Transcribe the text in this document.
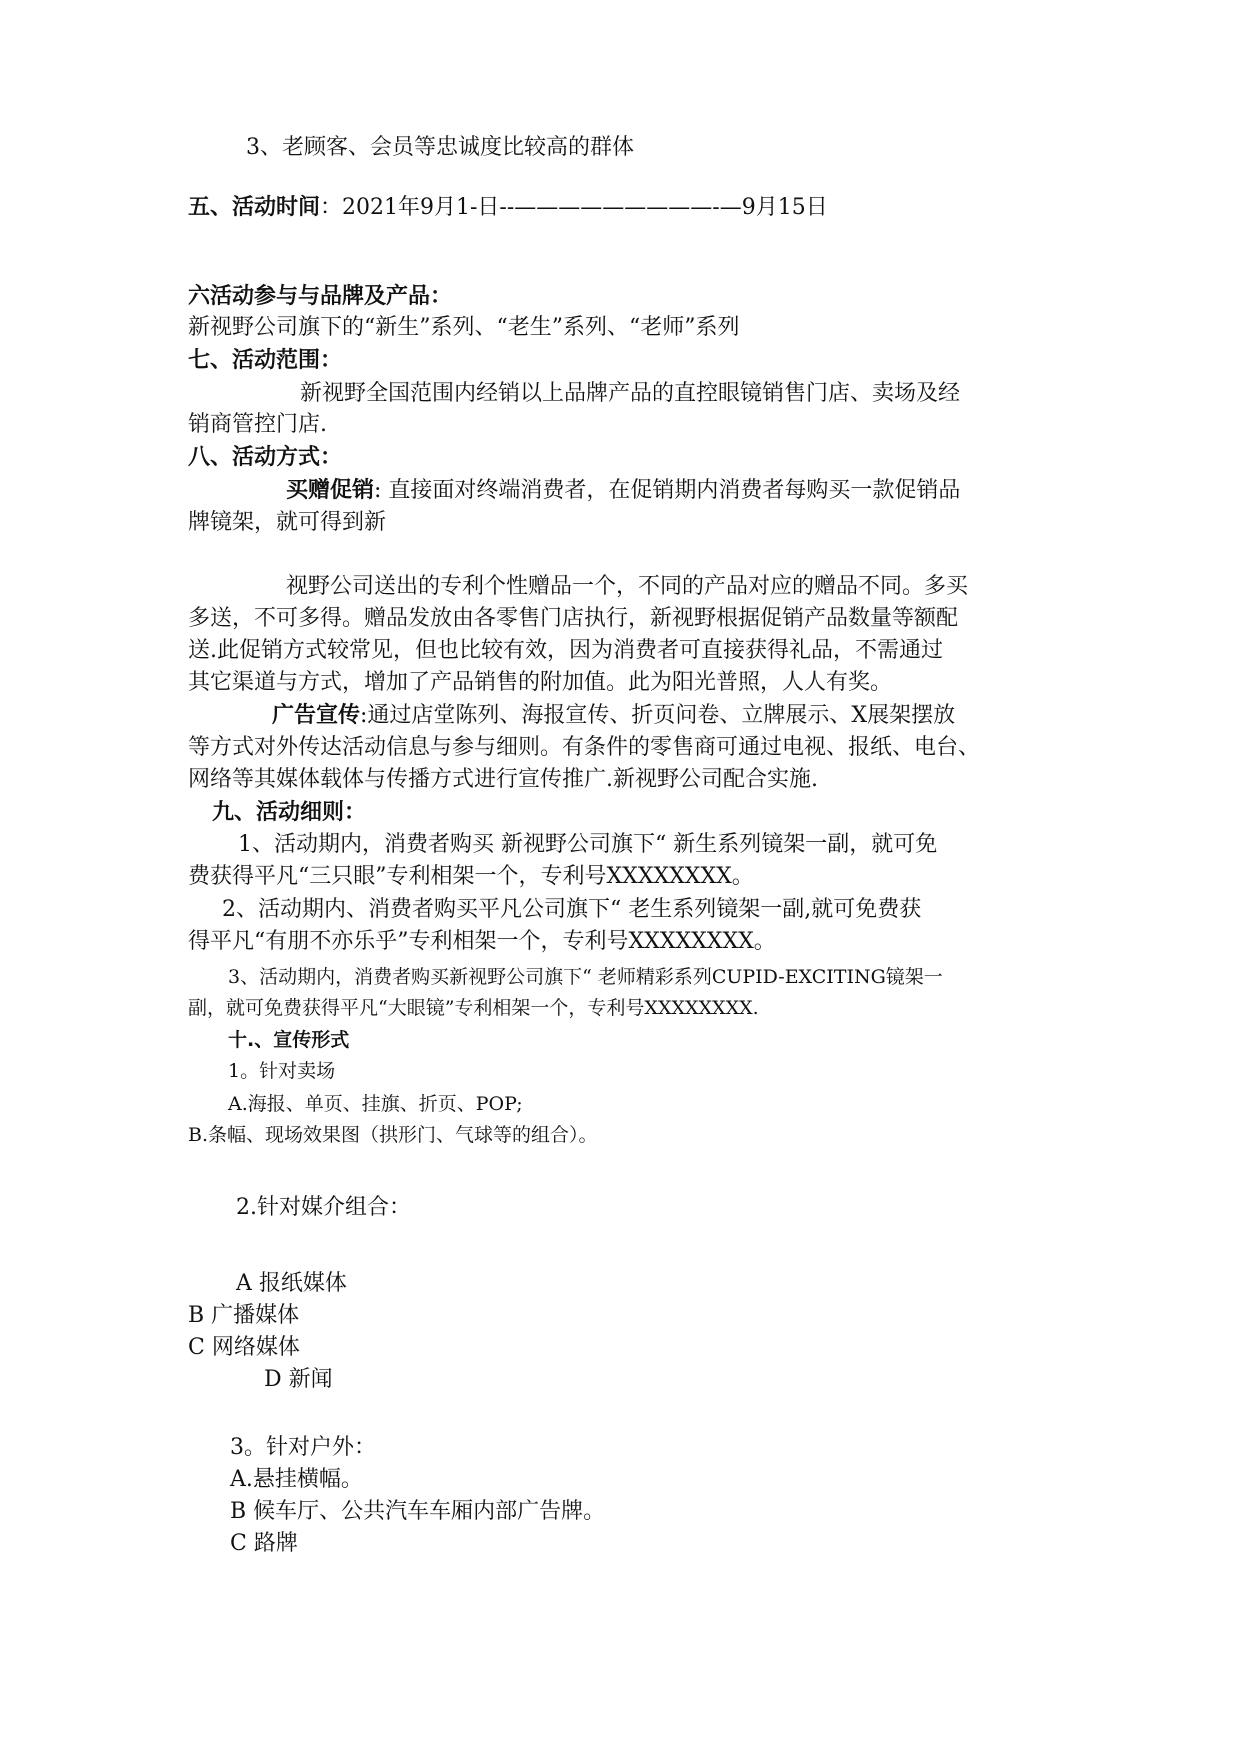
3、老顾客、会员等忠诚度比较高的群体

五、活动时间：2021年9月1-日--—————————-—9月15日

六活动参与与品牌及产品：

新视野公司旗下的“新生”系列、“老生”系列、“老师”系列

七、活动范围：

新视野全国范围内经销以上品牌产品的直控眼镜销售门店、卖场及经

销商管控门店.

八、活动方式：

买赠促销: 直接面对终端消费者，在促销期内消费者每购买一款促销品

牌镜架，就可得到新

视野公司送出的专利个性赠品一个，不同的产品对应的赠品不同。多买

多送，不可多得。赠品发放由各零售门店执行，新视野根据促销产品数量等额配

送.此促销方式较常见，但也比较有效，因为消费者可直接获得礼品，不需通过

其它渠道与方式，增加了产品销售的附加值。此为阳光普照，人人有奖。

广告宣传:通过店堂陈列、海报宣传、折页问卷、立牌展示、X展架摆放

等方式对外传达活动信息与参与细则。有条件的零售商可通过电视、报纸、电台、

网络等其媒体载体与传播方式进行宣传推广.新视野公司配合实施.

九、活动细则：

1、活动期内，消费者购买 新视野公司旗下“ 新生系列镜架一副，就可免

费获得平凡“三只眼”专利相架一个，专利号XXXXXXXX。

2、活动期内、消费者购买平凡公司旗下“ 老生系列镜架一副,就可免费获

得平凡“有朋不亦乐乎”专利相架一个，专利号XXXXXXXX。

3、活动期内，消费者购买新视野公司旗下“ 老师精彩系列CUPID-EXCITING镜架一

副，就可免费获得平凡“大眼镜”专利相架一个，专利号XXXXXXXX.

十.、宣传形式

1。针对卖场

A.海报、单页、挂旗、折页、POP;

B.条幅、现场效果图（拱形门、气球等的组合）。

2.针对媒介组合：

A 报纸媒体

B 广播媒体

C 网络媒体

D 新闻

3。针对户外：

A.悬挂横幅。

B 候车厅、公共汽车车厢内部广告牌。

C 路牌
